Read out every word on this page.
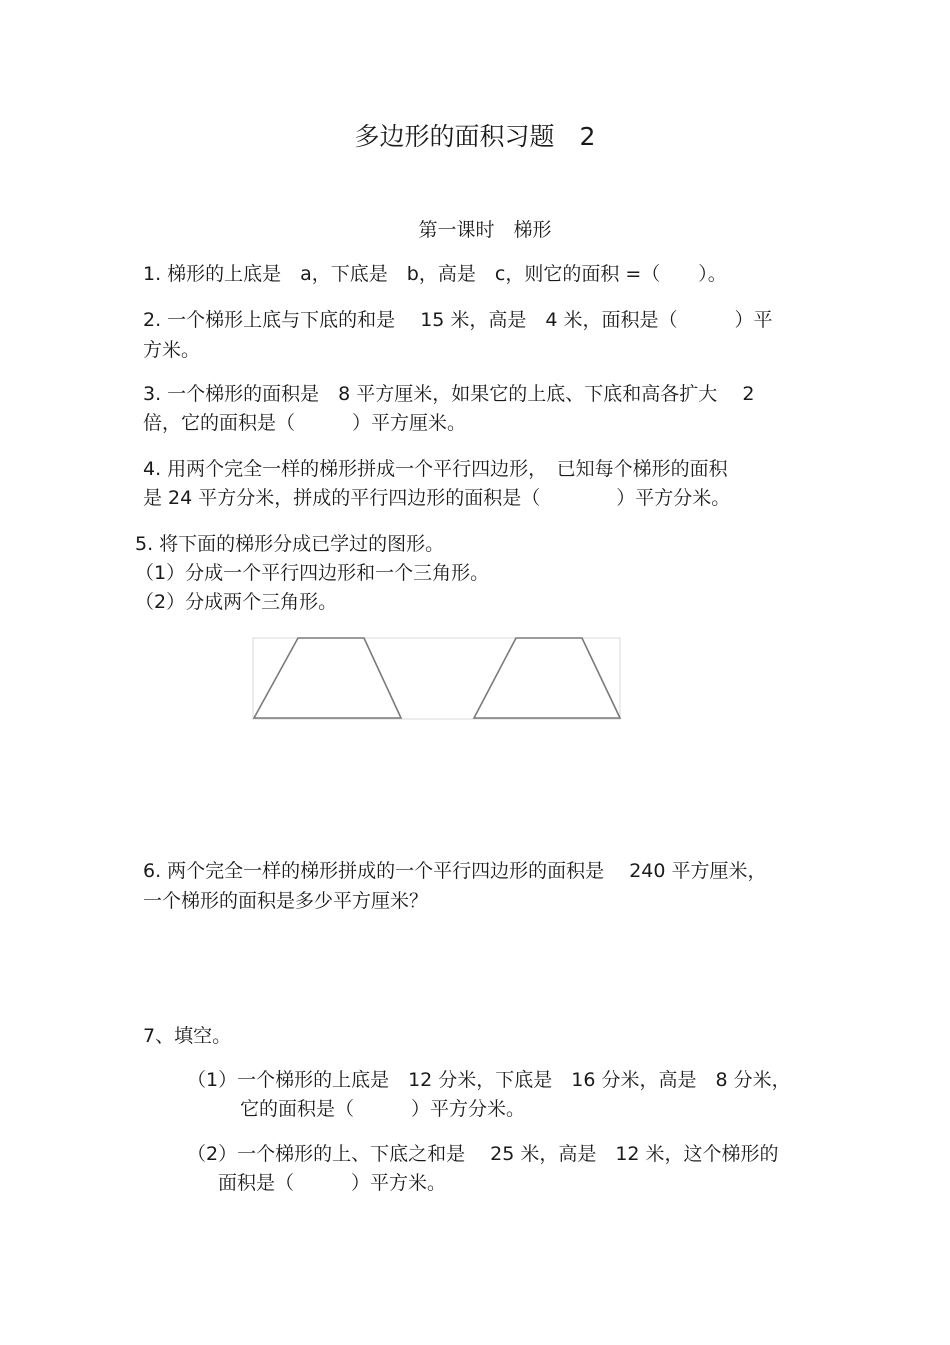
多边形的面积习题　2
第一课时　梯形
1. 梯形的上底是　a，下底是　b，高是　c，则它的面积 =（　　）。
2. 一个梯形上底与下底的和是　 15 米，高是　4 米，面积是（　　　）平
方米。
3. 一个梯形的面积是　8 平方厘米，如果它的上底、下底和高各扩大　 2
倍，它的面积是（　　　）平方厘米。
4. 用两个完全一样的梯形拼成一个平行四边形，　已知每个梯形的面积
是 24 平方分米，拼成的平行四边形的面积是（　　　　）平方分米。
5. 将下面的梯形分成已学过的图形。
（1）分成一个平行四边形和一个三角形。
（2）分成两个三角形。
6. 两个完全一样的梯形拼成的一个平行四边形的面积是　 240 平方厘米，
一个梯形的面积是多少平方厘米？
7、填空。
（1）一个梯形的上底是　12 分米，下底是　16 分米，高是　8 分米，
它的面积是（　　　）平方分米。
（2）一个梯形的上、下底之和是　 25 米，高是　12 米，这个梯形的
面积是（　　　）平方米。
